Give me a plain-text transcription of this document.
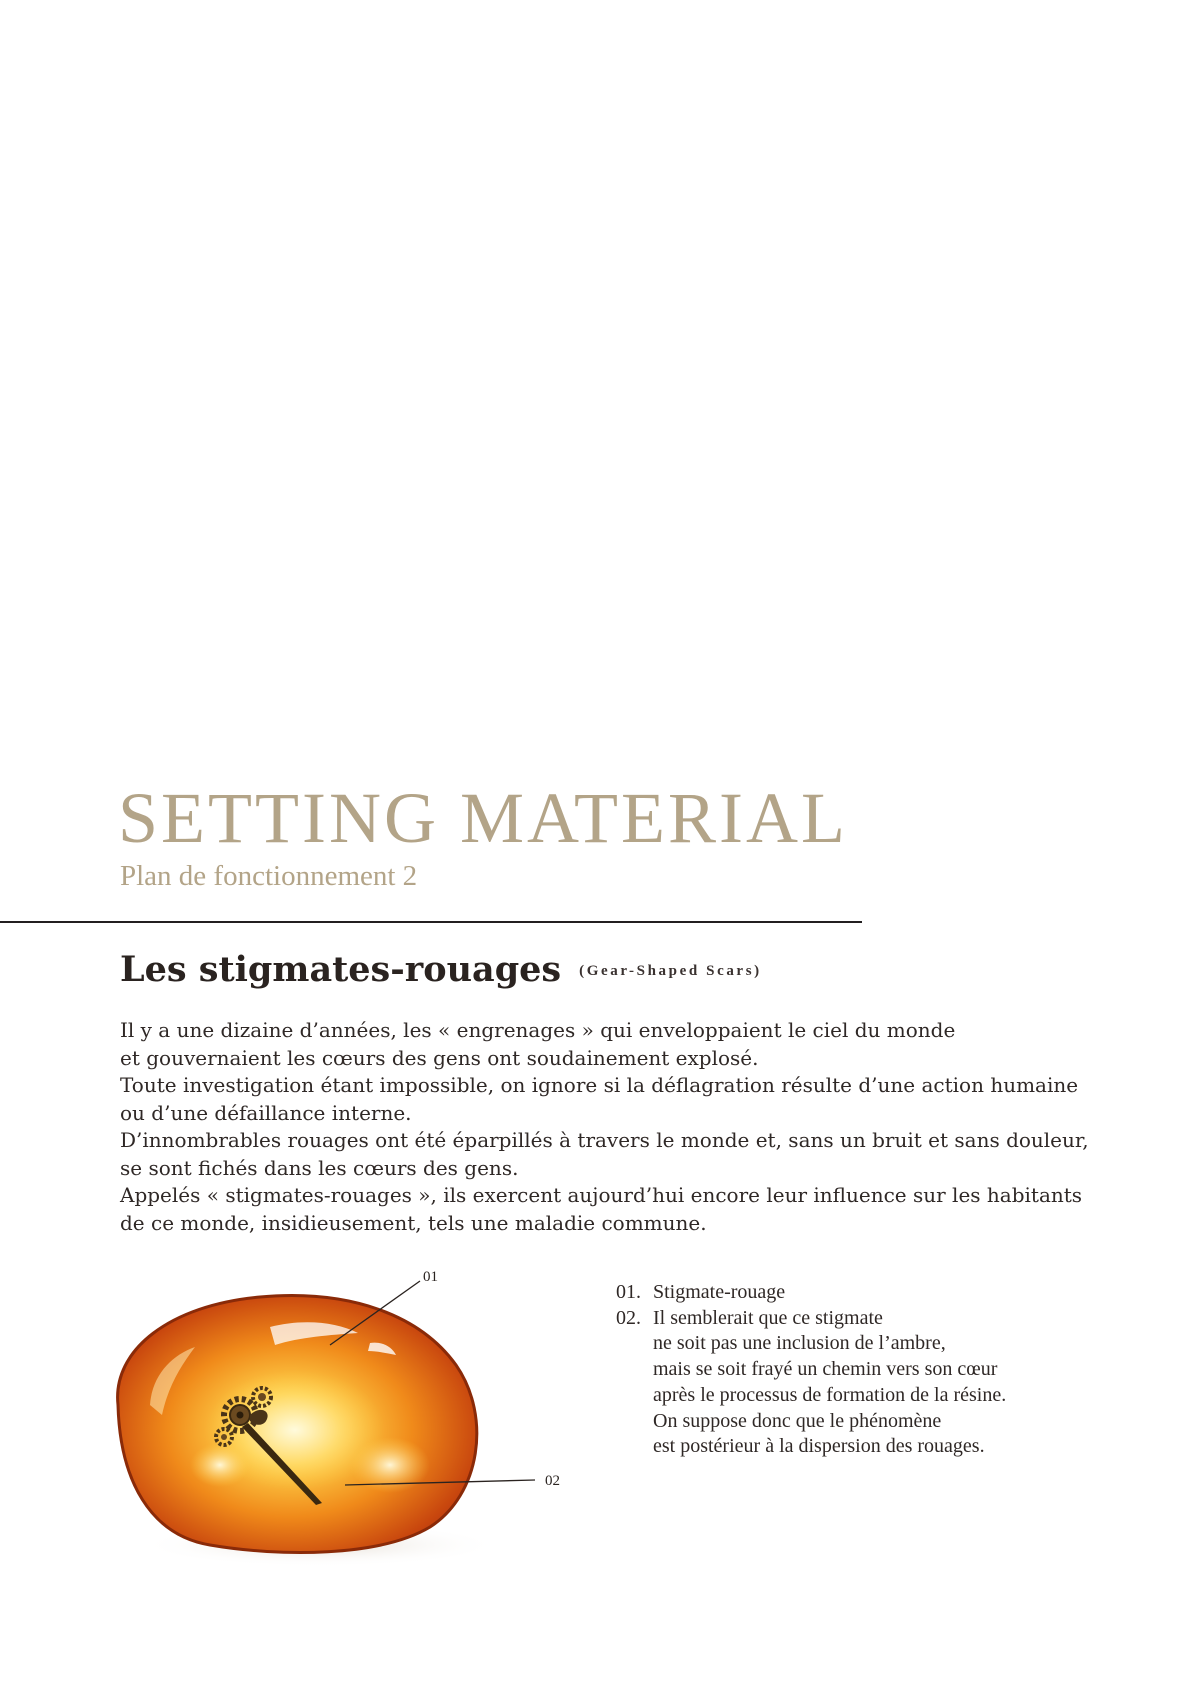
SETTING MATERIAL
Plan de fonctionnement 2
Les stigmates-rouages (Gear-Shaped Scars)

Il y a une dizaine d’années, les « engrenages » qui enveloppaient le ciel du monde

et gouvernaient les cœurs des gens ont soudainement explosé.

Toute investigation étant impossible, on ignore si la déflagration résulte d’une action humaine

ou d’une défaillance interne.

D’innombrables rouages ont été éparpillés à travers le monde et, sans un bruit et sans douleur,

se sont fichés dans les cœurs des gens.

Appelés « stigmates-rouages », ils exercent aujourd’hui encore leur influence sur les habitants

de ce monde, insidieusement, tels une maladie commune.

01
02
01. Stigmate-rouage

02. Il semblerait que ce stigmate

ne soit pas une inclusion de l’ambre,

mais se soit frayé un chemin vers son cœur

après le processus de formation de la résine.

On suppose donc que le phénomène

est postérieur à la dispersion des rouages.
